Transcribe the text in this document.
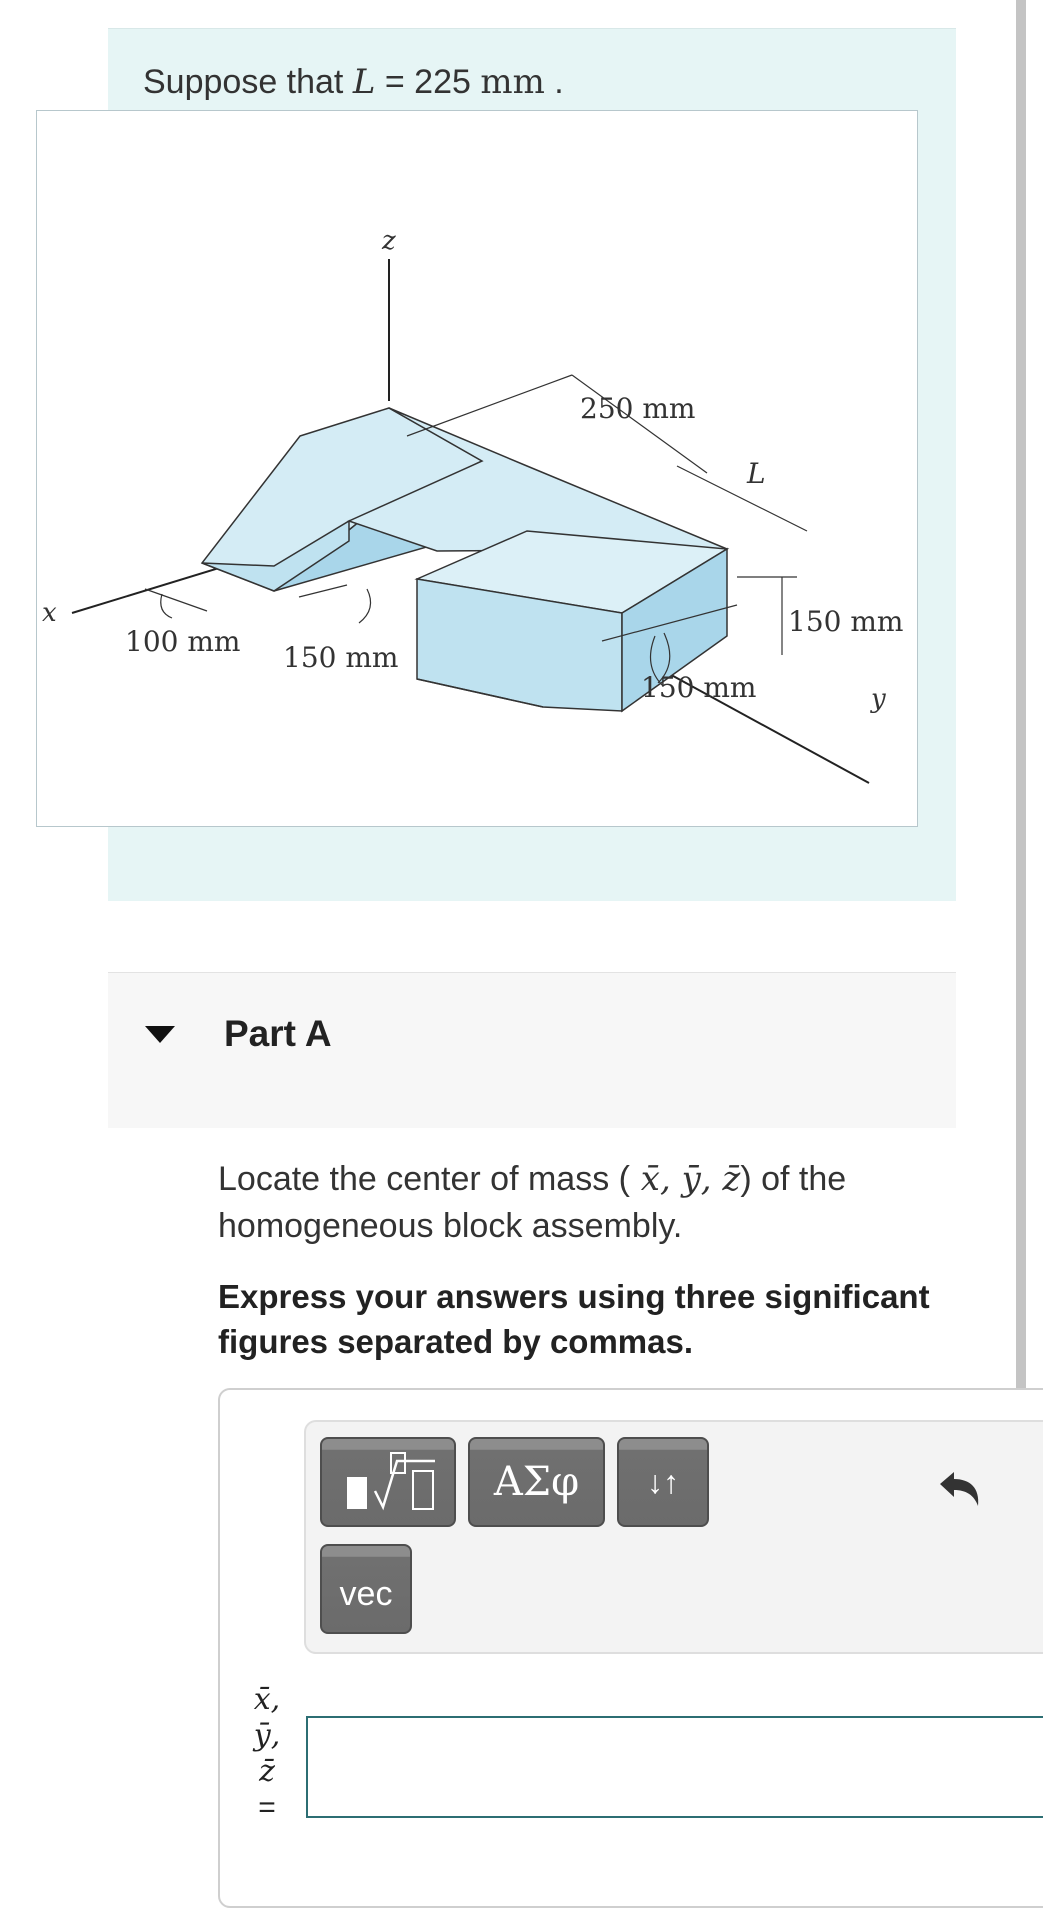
Suppose that L = 225 mm .
z
x
y
250 mm
L
150 mm
150 mm
100 mm 150 mm
Part A
Locate the center of mass ( x̄, ȳ, z̄) of the homogeneous block assembly.
Express your answers using three significant figures separated by commas.
ΑΣφ	↓↑
vec
x̄,
ȳ,
z̄
=
